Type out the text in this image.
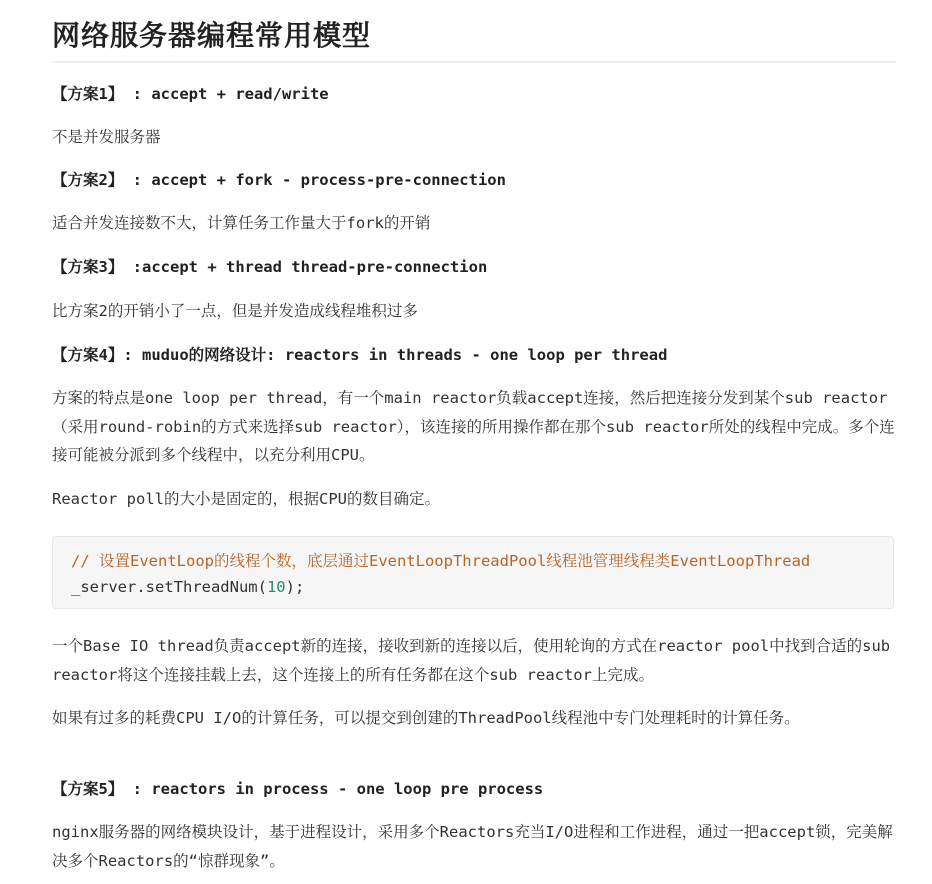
网络服务器编程常用模型

【方案1】 : accept + read/write

不是并发服务器

【方案2】 : accept + fork - process-pre-connection

适合并发连接数不大，计算任务工作量大于fork的开销

【方案3】 :accept + thread thread-pre-connection

比方案2的开销小了一点，但是并发造成线程堆积过多

【方案4】: muduo的网络设计: reactors in threads - one loop per thread

方案的特点是one loop per thread，有一个main reactor负载accept连接，然后把连接分发到某个sub reactor（采用round-robin的方式来选择sub reactor），该连接的所用操作都在那个sub reactor所处的线程中完成。多个连接可能被分派到多个线程中，以充分利用CPU。

Reactor poll的大小是固定的，根据CPU的数目确定。

// 设置EventLoop的线程个数，底层通过EventLoopThreadPool线程池管理线程类EventLoopThread
_server.setThreadNum(10);

一个Base IO thread负责accept新的连接，接收到新的连接以后，使用轮询的方式在reactor pool中找到合适的sub reactor将这个连接挂载上去，这个连接上的所有任务都在这个sub reactor上完成。

如果有过多的耗费CPU I/O的计算任务，可以提交到创建的ThreadPool线程池中专门处理耗时的计算任务。

【方案5】 : reactors in process - one loop pre process

nginx服务器的网络模块设计，基于进程设计，采用多个Reactors充当I/O进程和工作进程，通过一把accept锁，完美解决多个Reactors的“惊群现象”。
